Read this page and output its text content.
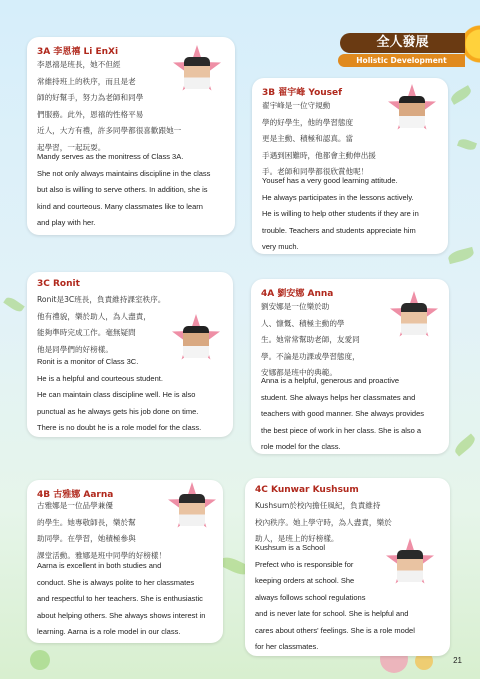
全人發展
Holistic Development
3A 李恩禧 Li EnXi
李恩禧是班長，她不但經
常維持班上的秩序，而且是老
師的好幫手，努力為老師和同學
們服務。此外，恩禧的性格平易
近人，大方有禮，許多同學都很喜歡跟她一
起學習，一起玩耍。
Mandy serves as the monitress of Class 3A.
She not only always maintains discipline in the class
but also is willing to serve others. In addition, she is
kind and courteous. Many classmates like to learn
and play with her.
3B 翟宇峰 Yousef
翟宇峰是一位守規動
學的好學生，他的學習態度
更是主動、積極和認真。當
手遇到困難時，他都會主動伸出援
手。老師和同學都很欣賞他呢！
Yousef has a very good learning attitude.
He always participates in the lessons actively.
He is willing to help other students if they are in
trouble. Teachers and students appreciate him
very much.
3C Ronit
Ronit是3C班長，負責維持課室秩序。
他有禮貌，樂於助人，為人盡責，
能夠準時完成工作。毫無疑問
他是同學們的好榜樣。
Ronit is a monitor of Class 3C.
He is a helpful and courteous student.
He can maintain class discipline well. He is also
punctual as he always gets his job done on time.
There is no doubt he is a role model for the class.
4A 劉安娜 Anna
劉安娜是一位樂於助
人、慷慨、積極主動的學
生。她常常幫助老師，友愛同
學。不論是功課或學習態度，
安娜都是班中的典範。
Anna is a helpful, generous and proactive
student. She always helps her classmates and
teachers with good manner. She always provides
the best piece of work in her class. She is also a
role model for the class.
4B 古雅娜 Aarna
古雅娜是一位品學兼優
的學生。她專敬師長，樂於幫
助同學。在學習，她積極參與
課堂活動。雅娜是班中同學的好榜樣！
Aarna is excellent in both studies and
conduct. She is always polite to her classmates
and respectful to her teachers. She is enthusiastic
about helping others. She always shows interest in
learning. Aarna is a role model in our class.
4C Kunwar Kushsum
Kushsum於校內擔任風紀，負責維持
校內秩序。她上學守時，為人盡責，樂於
助人，是班上的好榜樣。
Kushsum is a School
Prefect who is responsible for
keeping orders at school. She
always follows school regulations
and is never late for school. She is helpful and
cares about others' feelings. She is a role model
for her classmates.
21
